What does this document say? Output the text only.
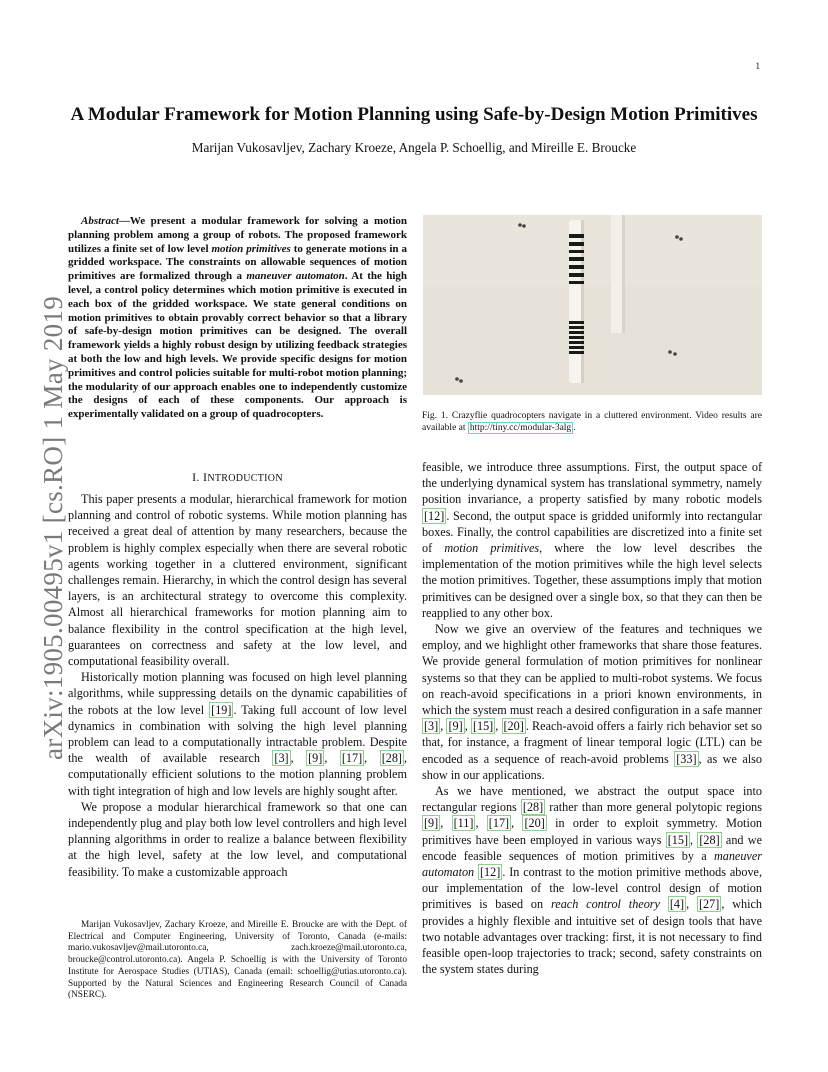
1
arXiv:1905.00495v1 [cs.RO] 1 May 2019
A Modular Framework for Motion Planning using Safe-by-Design Motion Primitives
Marijan Vukosavljev, Zachary Kroeze, Angela P. Schoellig, and Mireille E. Broucke
Abstract—We present a modular framework for solving a motion planning problem among a group of robots. The proposed framework utilizes a finite set of low level motion primitives to generate motions in a gridded workspace. The constraints on allowable sequences of motion primitives are formalized through a maneuver automaton. At the high level, a control policy determines which motion primitive is executed in each box of the gridded workspace. We state general conditions on motion primitives to obtain provably correct behavior so that a library of safe-by-design motion primitives can be designed. The overall framework yields a highly robust design by utilizing feedback strategies at both the low and high levels. We provide specific designs for motion primitives and control policies suitable for multi-robot motion planning; the modularity of our approach enables one to independently customize the designs of each of these components. Our approach is experimentally validated on a group of quadrocopters.
I. INTRODUCTION

This paper presents a modular, hierarchical framework for motion planning and control of robotic systems. While motion planning has received a great deal of attention by many researchers, because the problem is highly complex especially when there are several robotic agents working together in a cluttered environment, significant challenges remain. Hierarchy, in which the control design has several layers, is an architectural strategy to overcome this complexity. Almost all hierarchical frameworks for motion planning aim to balance flexibility in the control specification at the high level, guarantees on correctness and safety at the low level, and computational feasibility overall.

Historically motion planning was focused on high level planning algorithms, while suppressing details on the dynamic capabilities of the robots at the low level [19] . Taking full account of low level dynamics in combination with solving the high level planning problem can lead to a computationally intractable problem. Despite the wealth of available research [3] , [9] , [17] , [28] , computationally efficient solutions to the motion planning problem with tight integration of high and low levels are highly sought after.

We propose a modular hierarchical framework so that one can independently plug and play both low level controllers and high level planning algorithms in order to realize a balance between flexibility at the high level, safety at the low level, and computational feasibility. To make a customizable approach

Marijan Vukosavljev, Zachary Kroeze, and Mireille E. Broucke are with the Dept. of Electrical and Computer Engineering, University of Toronto, Canada (e-mails: mario.vukosavljev@mail.utoronto.ca, zach.kroeze@mail.utoronto.ca, broucke@control.utoronto.ca). Angela P. Schoellig is with the University of Toronto Institute for Aerospace Studies (UTIAS), Canada (email: schoellig@utias.utoronto.ca). Supported by the Natural Sciences and Engineering Research Council of Canada (NSERC).
Fig. 1. Crazyflie quadrocopters navigate in a cluttered environment. Video results are available at http://tiny.cc/modular-3alg .

feasible, we introduce three assumptions. First, the output space of the underlying dynamical system has translational symmetry, namely position invariance, a property satisfied by many robotic models [12] . Second, the output space is gridded uniformly into rectangular boxes. Finally, the control capabilities are discretized into a finite set of motion primitives, where the low level describes the implementation of the motion primitives while the high level selects the motion primitives. Together, these assumptions imply that motion primitives can be designed over a single box, so that they can then be reapplied to any other box.

Now we give an overview of the features and techniques we employ, and we highlight other frameworks that share those features. We provide general formulation of motion primitives for nonlinear systems so that they can be applied to multi-robot systems. We focus on reach-avoid specifications in a priori known environments, in which the system must reach a desired configuration in a safe manner [3] , [9] , [15] , [20] . Reach-avoid offers a fairly rich behavior set so that, for instance, a fragment of linear temporal logic (LTL) can be encoded as a sequence of reach-avoid problems [33] , as we also show in our applications.

As we have mentioned, we abstract the output space into rectangular regions [28] rather than more general polytopic regions [9] , [11] , [17] , [20] in order to exploit symmetry. Motion primitives have been employed in various ways [15] , [28] and we encode feasible sequences of motion primitives by a maneuver automaton [12] . In contrast to the motion primitive methods above, our implementation of the low-level control design of motion primitives is based on reach control theory [4] , [27] , which provides a highly flexible and intuitive set of design tools that have two notable advantages over tracking: first, it is not necessary to find feasible open-loop trajectories to track; second, safety constraints on the system states during
